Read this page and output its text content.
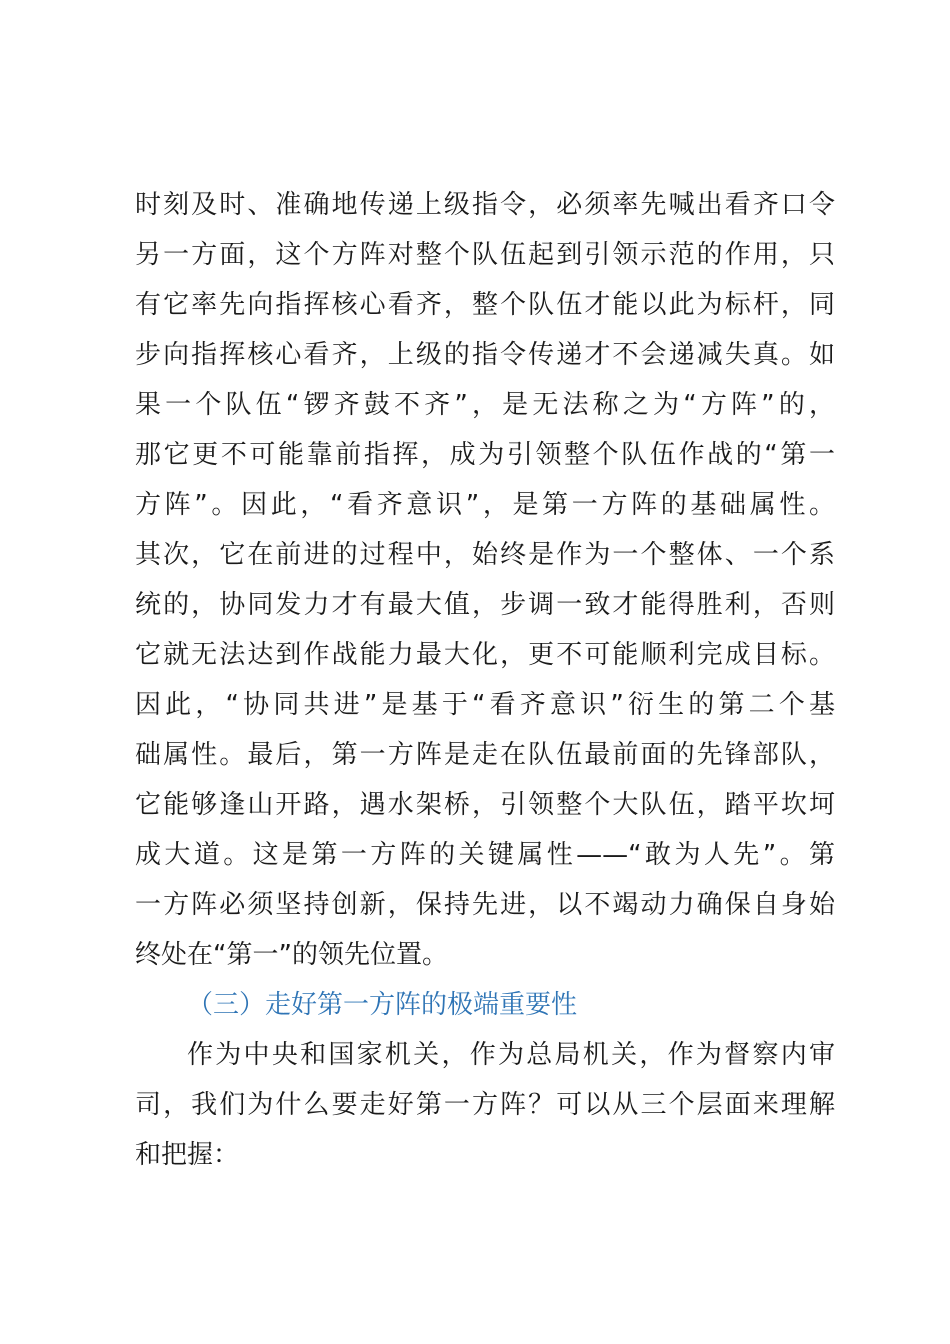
时刻及时、准确地传递上级指令，必须率先喊出看齐口令
另一方面，这个方阵对整个队伍起到引领示范的作用，只
有它率先向指挥核心看齐，整个队伍才能以此为标杆，同
步向指挥核心看齐，上级的指令传递才不会递减失真。如
果一个队伍“锣齐鼓不齐”，是无法称之为“方阵”的，
那它更不可能靠前指挥，成为引领整个队伍作战的“第一
方阵”。因此，“看齐意识”，是第一方阵的基础属性。
其次，它在前进的过程中，始终是作为一个整体、一个系
统的，协同发力才有最大值，步调一致才能得胜利，否则
它就无法达到作战能力最大化，更不可能顺利完成目标。
因此，“协同共进”是基于“看齐意识”衍生的第二个基
础属性。最后，第一方阵是走在队伍最前面的先锋部队，
它能够逢山开路，遇水架桥，引领整个大队伍，踏平坎坷
成大道。这是第一方阵的关键属性——“敢为人先”。第
一方阵必须坚持创新，保持先进，以不竭动力确保自身始
终处在“第一”的领先位置。
（三）走好第一方阵的极端重要性
作为中央和国家机关，作为总局机关，作为督察内审
司，我们为什么要走好第一方阵？可以从三个层面来理解
和把握：
